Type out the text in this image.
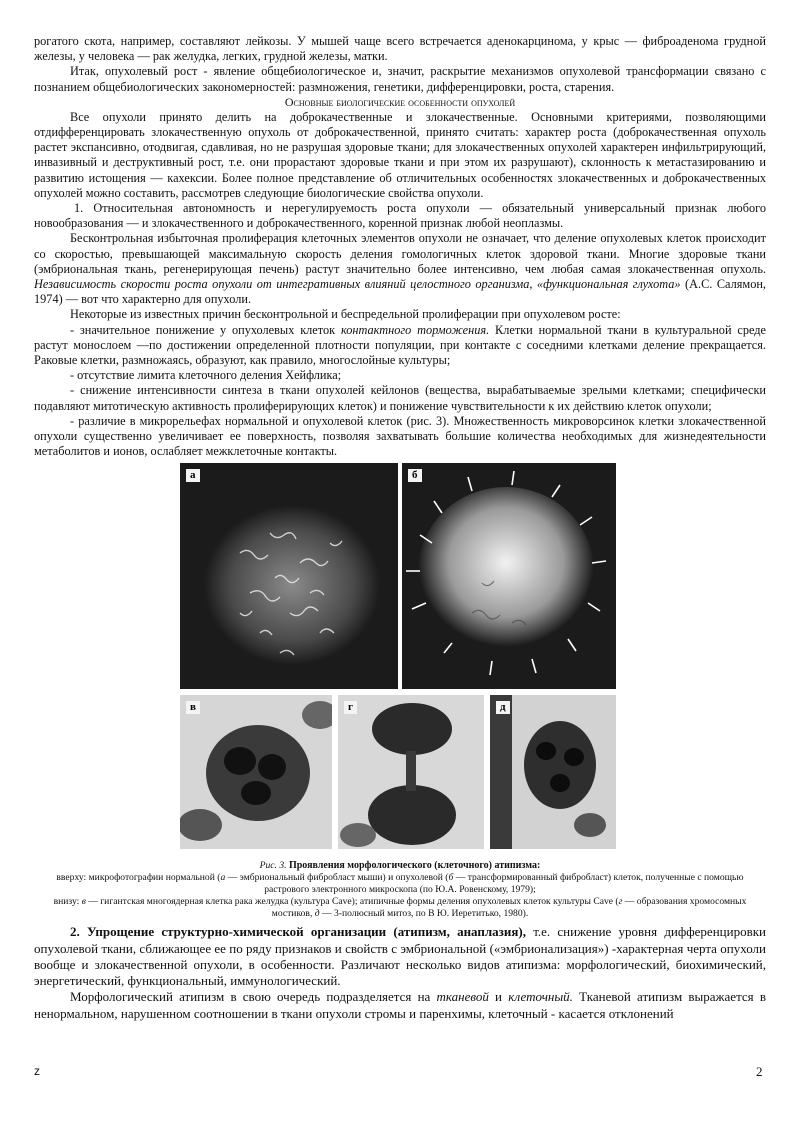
рогатого скота, например, составляют лейкозы. У мышей чаще всего встречается аденокарцинома, у крыс — фиброаденома грудной железы, у человека — рак желудка, легких, грудной железы, матки.

Итак, опухолевый рост - явление общебиологическое и, значит, раскрытие механизмов опухолевой трансформации связано с познанием общебиологических закономерностей: размножения, генетики, дифференцировки, роста, старения.

Основные биологические особенности опухолей

Все опухоли принято делить на доброкачественные и злокачественные. Основными критериями, позволяющими отдифференцировать злокачественную опухоль от доброкачественной, принято считать: характер роста (доброкачественная опухоль растет экспансивно, отодвигая, сдавливая, но не разрушая здоровые ткани; для злокачественных опухолей характерен инфильтрирующий, инвазивный и деструктивный рост, т.е. они прорастают здоровые ткани и при этом их разрушают), склонность к метастазированию и развитию истощения — кахексии. Более полное представление об отличительных особенностях злокачественных и доброкачественных опухолей можно составить, рассмотрев следующие биологические свойства опухоли.

1. Относительная автономность и нерегулируемость роста опухоли — обязательный универсальный признак любого новообразования — и злокачественного и доброкачественного, коренной признак любой неоплазмы.

Бесконтрольная избыточная пролиферация клеточных элементов опухоли не означает, что деление опухолевых клеток происходит со скоростью, превышающей максимальную скорость деления гомологичных клеток здоровой ткани. Многие здоровые ткани (эмбриональная ткань, регенерирующая печень) растут значительно более интенсивно, чем любая самая злокачественная опухоль. Независимость скорости роста опухоли от интегративных влияний целостного организма, «функциональная глухота» (А.С. Салямон, 1974) — вот что характерно для опухоли.

Некоторые из известных причин бесконтрольной и беспредельной пролиферации при опухолевом росте:

- значительное понижение у опухолевых клеток контактного торможения. Клетки нормальной ткани в культуральной среде растут монослоем —по достижении определенной плотности популяции, при контакте с соседними клетками деление прекращается. Раковые клетки, размножаясь, образуют, как правило, многослойные культуры;

- отсутствие лимита клеточного деления Хейфлика;

- снижение интенсивности синтеза в ткани опухолей кейлонов (вещества, вырабатываемые зрелыми клетками; специфически подавляют митотическую активность пролиферирующих клеток) и понижение чувствительности к их действию клеток опухоли;

- различие в микрорельефах нормальной и опухолевой клеток (рис. 3). Множественность микроворсинок клетки злокачественной опухоли существенно увеличивает ее поверхность, позволяя захватывать большие количества необходимых для жизнедеятельности метаболитов и ионов, ослабляет межклеточные контакты.

а	б
в	г	д

Рис. 3. Проявления морфологического (клеточного) атипизма:

вверху: микрофотографии нормальной (а — эмбриональный фибробласт мыши) и опухолевой (б — трансформированный фибробласт) клеток, полученные с помощью растрового электронного микроскопа (по Ю.А. Ровенскому, 1979);

внизу: в — гигантская многоядерная клетка рака желудка (культура Cave); атипичные формы деления опухолевых клеток культуры Cave (г — образования хромосомных мостиков, д — 3-полюсный митоз, по В Ю. Иеретитько, 1980).

2. Упрощение структурно-химической организации (атипизм, анаплазия), т.е. снижение уровня дифференцировки опухолевой ткани, сближающее ее по ряду признаков и свойств с эмбриональной («эмбрионализация») -характерная черта опухоли вообще и злокачественной опухоли, в особенности. Различают несколько видов атипизма: морфологический, биохимический, энергетический, функциональный, иммунологический.

Морфологический атипизм в свою очередь подразделяется на тканевой и клеточный. Тканевой атипизм выражается в ненормальном, нарушенном соотношении в ткани опухоли стромы и паренхимы, клеточный - касается отклонений

z	2
